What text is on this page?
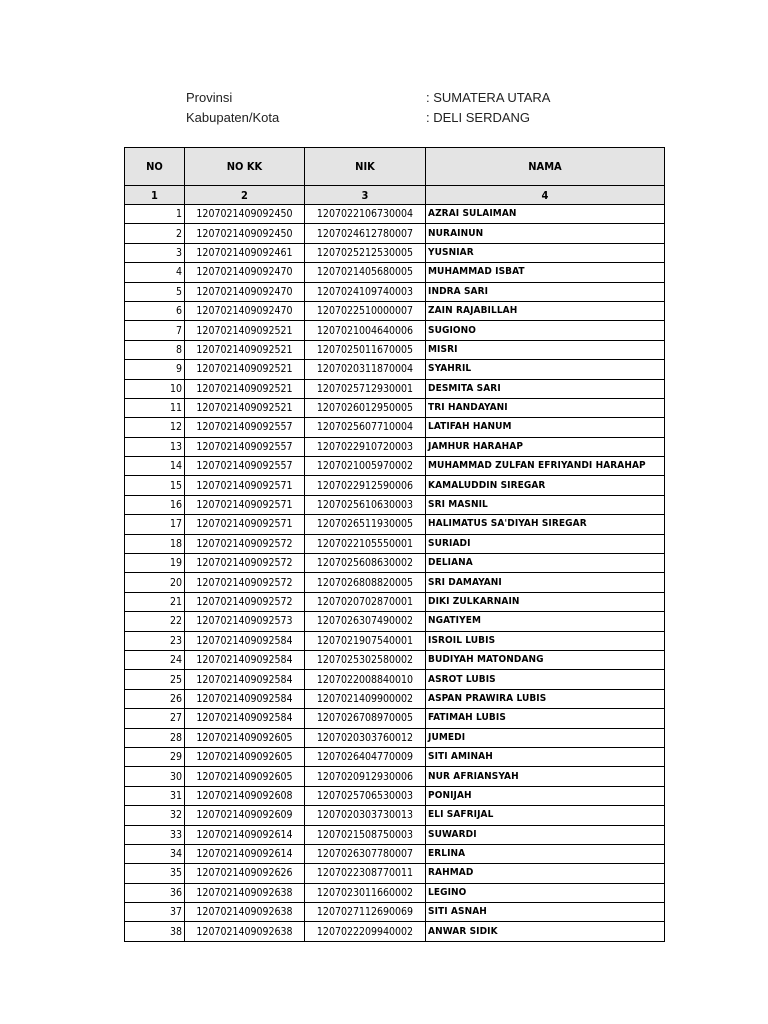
Provinsi	: SUMATERA UTARA
Kabupaten/Kota	: DELI SERDANG
NO	NO KK	NIK	NAMA
1	2	3	4
1	1207021409092450	1207022106730004	AZRAI SULAIMAN
2	1207021409092450	1207024612780007	NURAINUN
3	1207021409092461	1207025212530005	YUSNIAR
4	1207021409092470	1207021405680005	MUHAMMAD ISBAT
5	1207021409092470	1207024109740003	INDRA SARI
6	1207021409092470	1207022510000007	ZAIN RAJABILLAH
7	1207021409092521	1207021004640006	SUGIONO
8	1207021409092521	1207025011670005	MISRI
9	1207021409092521	1207020311870004	SYAHRIL
10	1207021409092521	1207025712930001	DESMITA SARI
11	1207021409092521	1207026012950005	TRI HANDAYANI
12	1207021409092557	1207025607710004	LATIFAH HANUM
13	1207021409092557	1207022910720003	JAMHUR HARAHAP
14	1207021409092557	1207021005970002	MUHAMMAD ZULFAN EFRIYANDI HARAHAP
15	1207021409092571	1207022912590006	KAMALUDDIN SIREGAR
16	1207021409092571	1207025610630003	SRI MASNIL
17	1207021409092571	1207026511930005	HALIMATUS SA'DIYAH SIREGAR
18	1207021409092572	1207022105550001	SURIADI
19	1207021409092572	1207025608630002	DELIANA
20	1207021409092572	1207026808820005	SRI DAMAYANI
21	1207021409092572	1207020702870001	DIKI ZULKARNAIN
22	1207021409092573	1207026307490002	NGATIYEM
23	1207021409092584	1207021907540001	ISROIL LUBIS
24	1207021409092584	1207025302580002	BUDIYAH MATONDANG
25	1207021409092584	1207022008840010	ASROT LUBIS
26	1207021409092584	1207021409900002	ASPAN PRAWIRA LUBIS
27	1207021409092584	1207026708970005	FATIMAH LUBIS
28	1207021409092605	1207020303760012	JUMEDI
29	1207021409092605	1207026404770009	SITI AMINAH
30	1207021409092605	1207020912930006	NUR AFRIANSYAH
31	1207021409092608	1207025706530003	PONIJAH
32	1207021409092609	1207020303730013	ELI SAFRIJAL
33	1207021409092614	1207021508750003	SUWARDI
34	1207021409092614	1207026307780007	ERLINA
35	1207021409092626	1207022308770011	RAHMAD
36	1207021409092638	1207023011660002	LEGINO
37	1207021409092638	1207027112690069	SITI ASNAH
38	1207021409092638	1207022209940002	ANWAR SIDIK
